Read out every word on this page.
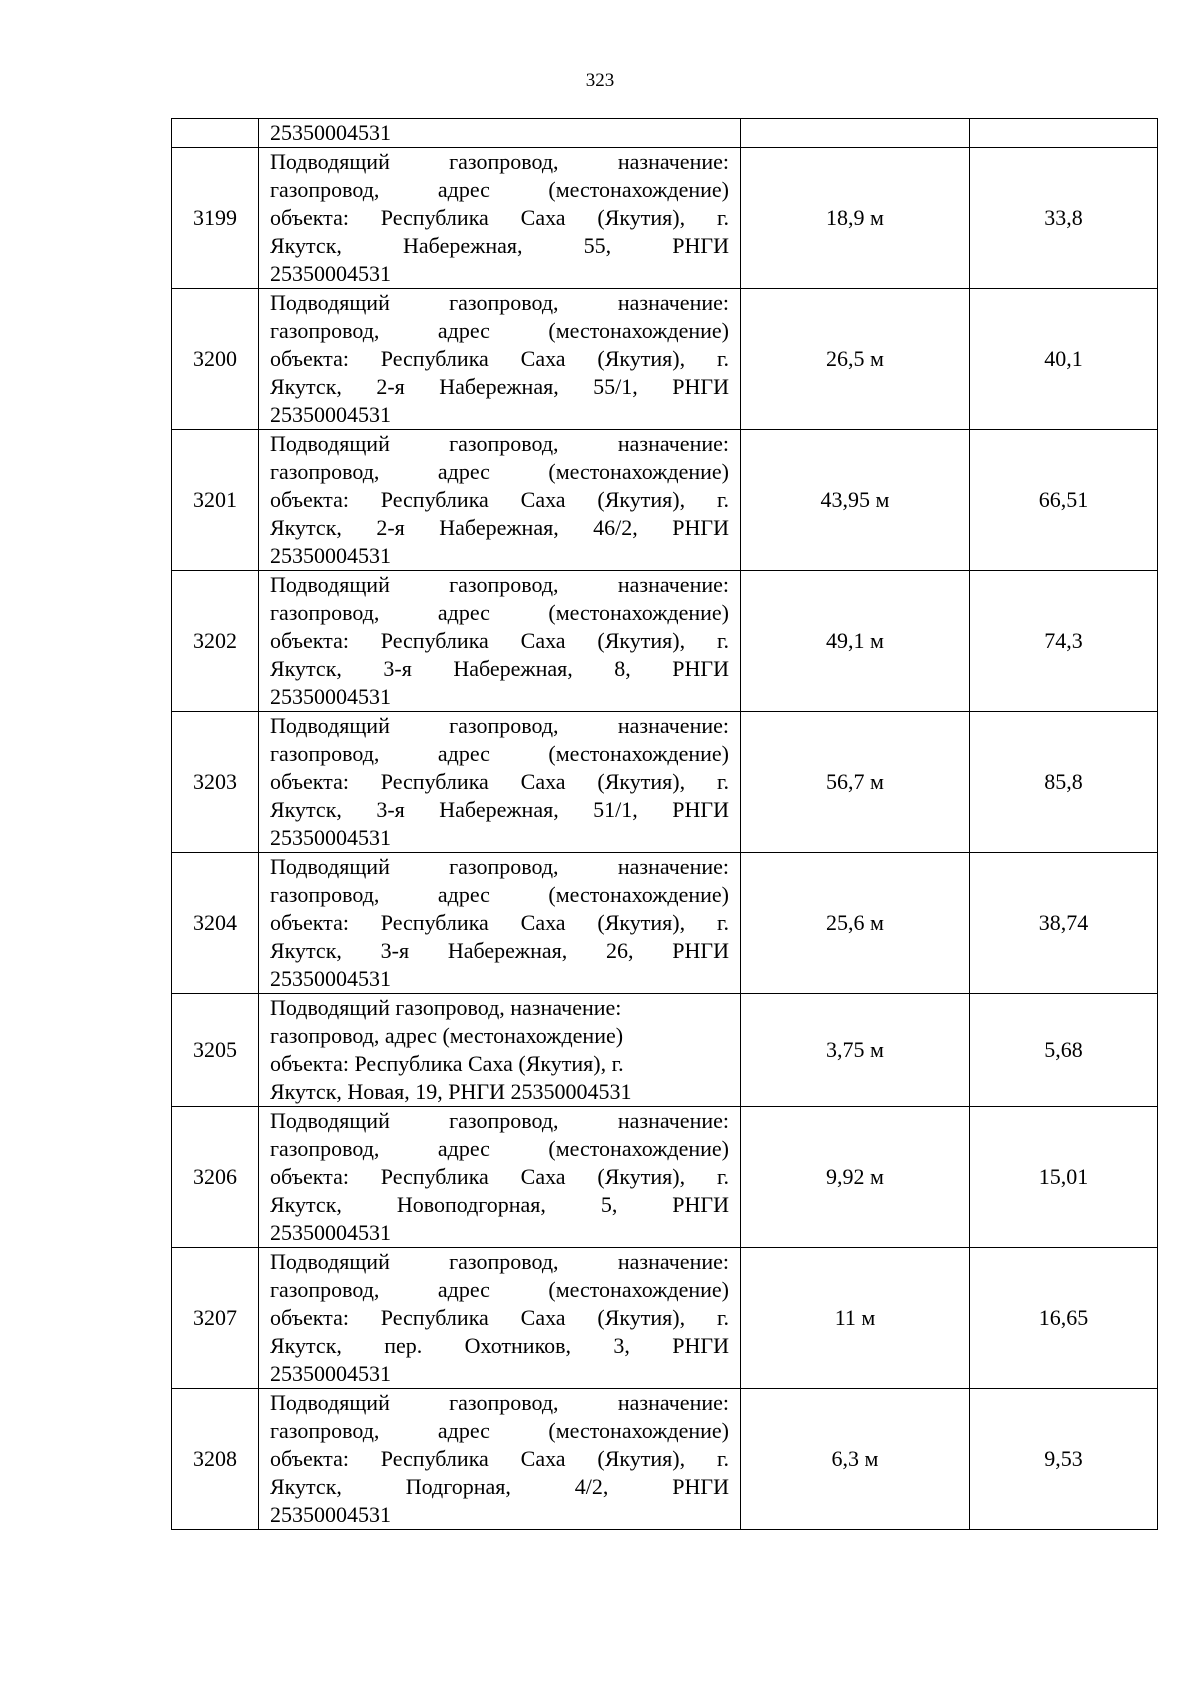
323

	25350004531		

3199	Подводящий газопровод, назначение:
газопровод, адрес (местонахождение)
объекта: Республика Саха (Якутия), г.
Якутск, Набережная, 55, РНГИ
25350004531	18,9 м	33,8
3200	Подводящий газопровод, назначение:
газопровод, адрес (местонахождение)
объекта: Республика Саха (Якутия), г.
Якутск, 2-я Набережная, 55/1, РНГИ
25350004531	26,5 м	40,1
3201	Подводящий газопровод, назначение:
газопровод, адрес (местонахождение)
объекта: Республика Саха (Якутия), г.
Якутск, 2-я Набережная, 46/2, РНГИ
25350004531	43,95 м	66,51
3202	Подводящий газопровод, назначение:
газопровод, адрес (местонахождение)
объекта: Республика Саха (Якутия), г.
Якутск, 3-я Набережная, 8, РНГИ
25350004531	49,1 м	74,3
3203	Подводящий газопровод, назначение:
газопровод, адрес (местонахождение)
объекта: Республика Саха (Якутия), г.
Якутск, 3-я Набережная, 51/1, РНГИ
25350004531	56,7 м	85,8
3204	Подводящий газопровод, назначение:
газопровод, адрес (местонахождение)
объекта: Республика Саха (Якутия), г.
Якутск, 3-я Набережная, 26, РНГИ
25350004531	25,6 м	38,74
3205	Подводящий газопровод, назначение:
газопровод, адрес (местонахождение)
объекта: Республика Саха (Якутия), г.
Якутск, Новая, 19, РНГИ 25350004531	3,75 м	5,68
3206	Подводящий газопровод, назначение:
газопровод, адрес (местонахождение)
объекта: Республика Саха (Якутия), г.
Якутск, Новоподгорная, 5, РНГИ
25350004531	9,92 м	15,01
3207	Подводящий газопровод, назначение:
газопровод, адрес (местонахождение)
объекта: Республика Саха (Якутия), г.
Якутск, пер. Охотников, 3, РНГИ
25350004531	11 м	16,65
3208	Подводящий газопровод, назначение:
газопровод, адрес (местонахождение)
объекта: Республика Саха (Якутия), г.
Якутск, Подгорная, 4/2, РНГИ
25350004531	6,3 м	9,53
